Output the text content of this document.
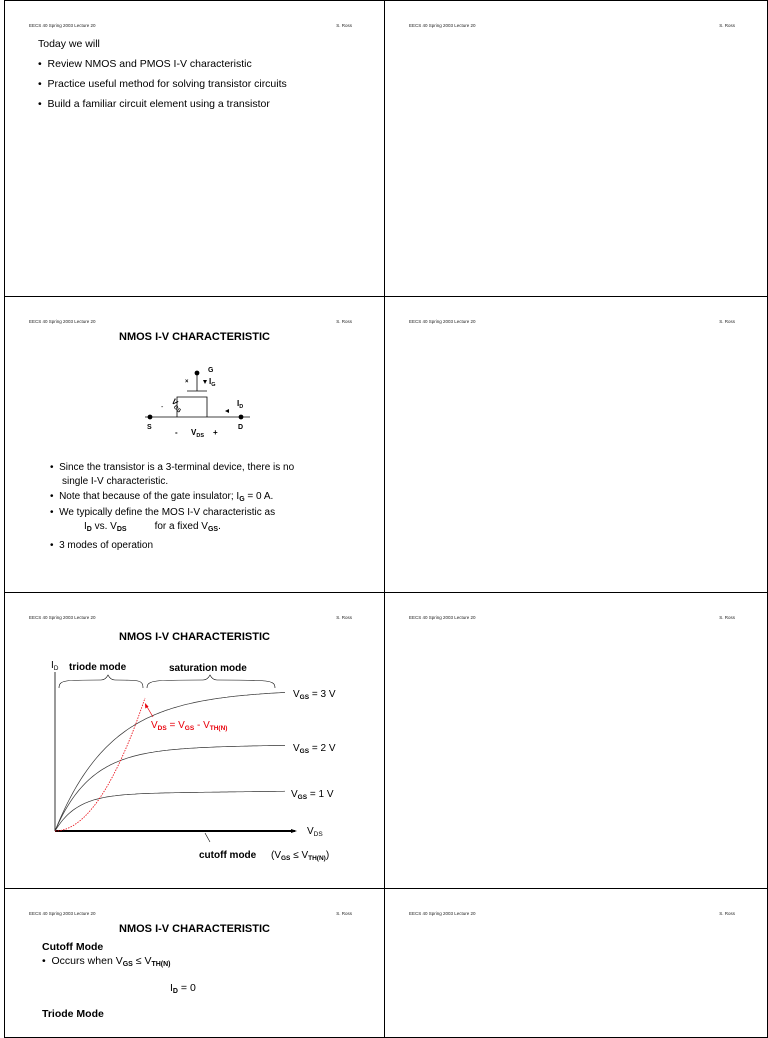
EECS 40 Spring 2003 Lecture 20	S. Ross
Today we will
•  Review NMOS and PMOS I-V characteristic
•  Practice useful method for solving transistor circuits
•  Build a familiar circuit element using a transistor
EECS 40 Spring 2003 Lecture 20	S. Ross
EECS 40 Spring 2003 Lecture 20	S. Ross
NMOS I-V CHARACTERISTIC
G
S	D
$I_G$
$I_D$
×
-
$V_{GS}$
- $V_{DS}$ +
•  Since the transistor is a 3-terminal device, there is no
single I-V characteristic.
•  Note that because of the gate insulator; $I_G = 0$ A.
•  We typically define the MOS I-V characteristic as
$I_D$ vs. $V_{DS}$	for a fixed $V_{GS}$.
•  3 modes of operation
EECS 40 Spring 2003 Lecture 20	S. Ross
EECS 40 Spring 2003 Lecture 20	S. Ross
NMOS I-V CHARACTERISTIC
$I_D$
$V_{DS}$
triode mode	saturation mode
$V_{DS} = V_{GS} - V_{TH(N)}$
$V_{GS} = 3$ V
$V_{GS} = 2$ V
$V_{GS} = 1$ V
cutoff mode $(V_{GS} \le V_{TH(N)})$
EECS 40 Spring 2003 Lecture 20	S. Ross
EECS 40 Spring 2003 Lecture 20	S. Ross
NMOS I-V CHARACTERISTIC
Cutoff Mode
•  Occurs when $V_{GS} \le V_{TH(N)}$
$I_D = 0$
Triode Mode
EECS 40 Spring 2003 Lecture 20	S. Ross
